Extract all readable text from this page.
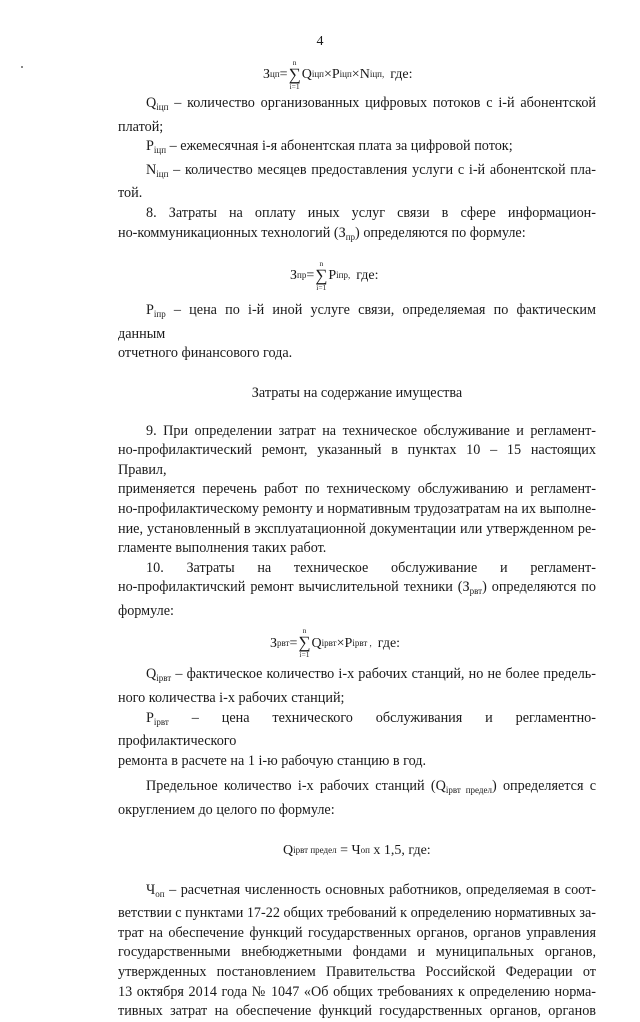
4
З цп =
n
∑
i=1
Q iцп × P iцп × N iцп, где:
$Q_{iцп}$ – количество организованных цифровых потоков с i-й абонентской
платой;
$P_{iцп}$ – ежемесячная i-я абонентская плата за цифровой поток;
$N_{iцп}$ – количество месяцев предоставления услуги с i-й абонентской пла-
той.
8. Затраты на оплату иных услуг связи в сфере информацион-
но-коммуникационных технологий $(З_{пр})$ определяются по формуле:
З пр =
n
∑
i=1
P iпр, где:
$P_{iпр}$ – цена по i-й иной услуге связи, определяемая по фактическим данным
отчетного финансового года.
Затраты на содержание имущества
9. При определении затрат на техническое обслуживание и регламент-
но-профилактический ремонт, указанный в пунктах 10 – 15 настоящих Правил,
применяется перечень работ по техническому обслуживанию и регламент-
но-профилактическому ремонту и нормативным трудозатратам на их выполне-
ние, установленный в эксплуатационной документации или утвержденном ре-
гламенте выполнения таких работ.
10. Затраты на техническое обслуживание и регламент-
но-профилактичский ремонт вычислительной техники $(З_{рвт})$ определяются по
формуле:
З рвт =
n
∑
i=1
Q iрвт × P iрвт , где:
$Q_{iрвт}$ – фактическое количество i-х рабочих станций, но не более предель-
ного количества i-х рабочих станций;
$P_{iрвт}$ – цена технического обслуживания и регламентно-профилактического
ремонта в расчете на 1 i-ю рабочую станцию в год.
Предельное количество i-х рабочих станций $(Q_{iрвт предел})$ определяется с
округлением до целого по формуле:
Q iрвт предел = Ч оп x 1,5, где:
$Ч_{оп}$ – расчетная численность основных работников, определяемая в соот-
ветствии с пунктами 17-22 общих требований к определению нормативных за-
трат на обеспечение функций государственных органов, органов управления
государственными внебюджетными фондами и муниципальных органов,
утвержденных постановлением Правительства Российской Федерации от
13 октября 2014 года № 1047 «Об общих требованиях к определению норма-
тивных затрат на обеспечение функций государственных органов, органов
